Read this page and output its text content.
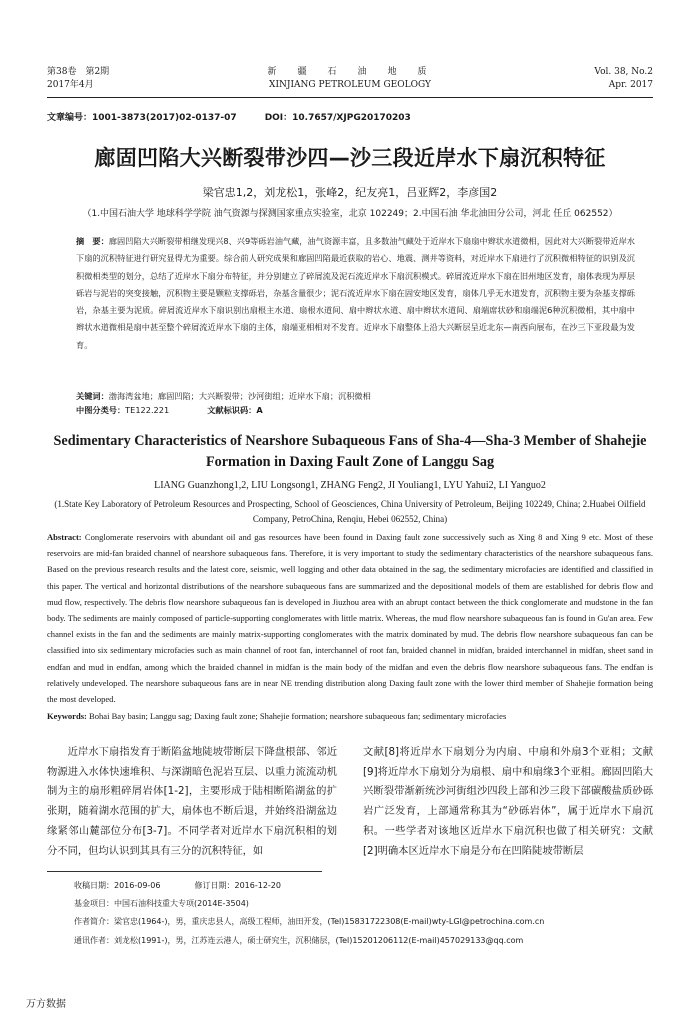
第38卷　第2期
2017年4月
新　疆　石　油　地　质
XINJIANG PETROLEUM GEOLOGY
Vol. 38, No.2
Apr. 2017
文章编号：1001-3873(2017)02-0137-07	DOI：10.7657/XJPG20170203
廊固凹陷大兴断裂带沙四—沙三段近岸水下扇沉积特征
梁官忠1,2，刘龙松1，张峰2，纪友亮1，吕亚辉2，李彦国2
（1.中国石油大学 地球科学学院 油气资源与探测国家重点实验室，北京 102249；2.中国石油 华北油田分公司，河北 任丘 062552）
摘　要：廊固凹陷大兴断裂带相继发现兴8、兴9等砾岩油气藏，油气资源丰富，且多数油气藏处于近岸水下扇扇中辫状水道微相，因此对大兴断裂带近岸水下扇的沉积特征进行研究显得尤为重要。综合前人研究成果和廊固凹陷最近获取的岩心、地震、测井等资料，对近岸水下扇进行了沉积微相特征的识别及沉积微相类型的划分，总结了近岸水下扇分布特征，并分别建立了碎屑流及泥石流近岸水下扇沉积模式。碎屑流近岸水下扇在旧州地区发育，扇体表现为厚层砾岩与泥岩的突变接触，沉积物主要是颗粒支撑砾岩，杂基含量很少；泥石流近岸水下扇在固安地区发育，扇体几乎无水道发育，沉积物主要为杂基支撑砾岩，杂基主要为泥质。碎屑流近岸水下扇识别出扇根主水道、扇根水道间、扇中辫状水道、扇中辫状水道间、扇端席状砂和扇端泥6种沉积微相，其中扇中辫状水道微相是扇中甚至整个碎屑流近岸水下扇的主体，扇端亚相相对不发育。近岸水下扇整体上沿大兴断层呈近北东—南西向展布，在沙三下亚段最为发育。
关键词：渤海湾盆地；廊固凹陷；大兴断裂带；沙河街组；近岸水下扇；沉积微相
中图分类号：TE122.221	文献标识码：A
Sedimentary Characteristics of Nearshore Subaqueous Fans of Sha-4—Sha-3 Member of Shahejie Formation in Daxing Fault Zone of Langgu Sag
LIANG Guanzhong1,2, LIU Longsong1, ZHANG Feng2, JI Youliang1, LYU Yahui2, LI Yanguo2
(1.State Key Laboratory of Petroleum Resources and Prospecting, School of Geosciences, China University of Petroleum, Beijing 102249, China; 2.Huabei Oilfield Company, PetroChina, Renqiu, Hebei 062552, China)
Abstract: Conglomerate reservoirs with abundant oil and gas resources have been found in Daxing fault zone successively such as Xing 8 and Xing 9 etc. Most of these reservoirs are mid-fan braided channel of nearshore subaqueous fans. Therefore, it is very important to study the sedimentary characteristics of the nearshore subaqueous fans. Based on the previous research results and the latest core, seismic, well logging and other data obtained in the sag, the sedimentary microfacies are identified and classified in this paper. The vertical and horizontal distributions of the nearshore subaqueous fans are summarized and the depositional models of them are established for debris flow and mud flow, respectively. The debris flow nearshore subaqueous fan is developed in Jiuzhou area with an abrupt contact between the thick conglomerate and mudstone in the fan body. The sediments are mainly composed of particle-supporting conglomerates with little matrix. Whereas, the mud flow nearshore subaqueous fan is found in Gu'an area. Few channel exists in the fan and the sediments are mainly matrix-supporting conglomerates with the matrix dominated by mud. The debris flow nearshore subaqueous fan can be classified into six sedimentary microfacies such as main channel of root fan, interchannel of root fan, braided channel in midfan, braided interchannel in midfan, sheet sand in endfan and mud in endfan, among which the braided channel in midfan is the main body of the midfan and even the debris flow nearshore subaqueous fans. The endfan is relatively undeveloped. The nearshore subaqueous fans are in near NE trending distribution along Daxing fault zone with the lower third member of Shahejie formation being the most developed.
Keywords: Bohai Bay basin; Langgu sag; Daxing fault zone; Shahejie formation; nearshore subaqueous fan; sedimentary microfacies
近岸水下扇指发育于断陷盆地陡坡带断层下降盘根部、邻近物源进入水体快速堆积、与深湖暗色泥岩互层、以重力流流动机制为主的扇形粗碎屑岩体[1-2]，主要形成于陆相断陷湖盆的扩张期，随着湖水范围的扩大，扇体也不断后退，并始终沿湖盆边缘紧邻山麓部位分布[3-7]。不同学者对近岸水下扇沉积相的划分不同，但均认识到其具有三分的沉积特征，如
文献[8]将近岸水下扇划分为内扇、中扇和外扇3个亚相；文献[9]将近岸水下扇划分为扇根、扇中和扇缘3个亚相。廊固凹陷大兴断裂带渐新统沙河街组沙四段上部和沙三段下部碳酸盐质砂砾岩广泛发育，上部通常称其为“砂砾岩体”，属于近岸水下扇沉积。一些学者对该地区近岸水下扇沉积也做了相关研究：文献[2]明确本区近岸水下扇是分布在凹陷陡坡带断层
收稿日期：2016-09-06	修订日期：2016-12-20
基金项目：中国石油科技重大专项(2014E-3504)
作者简介：梁官忠(1964-)，男，重庆忠县人，高级工程师，油田开发，(Tel)15831722308(E-mail)wty-LGI@petrochina.com.cn
通讯作者：刘龙松(1991-)，男，江苏连云港人，硕士研究生，沉积储层，(Tel)15201206112(E-mail)457029133@qq.com
万方数据
